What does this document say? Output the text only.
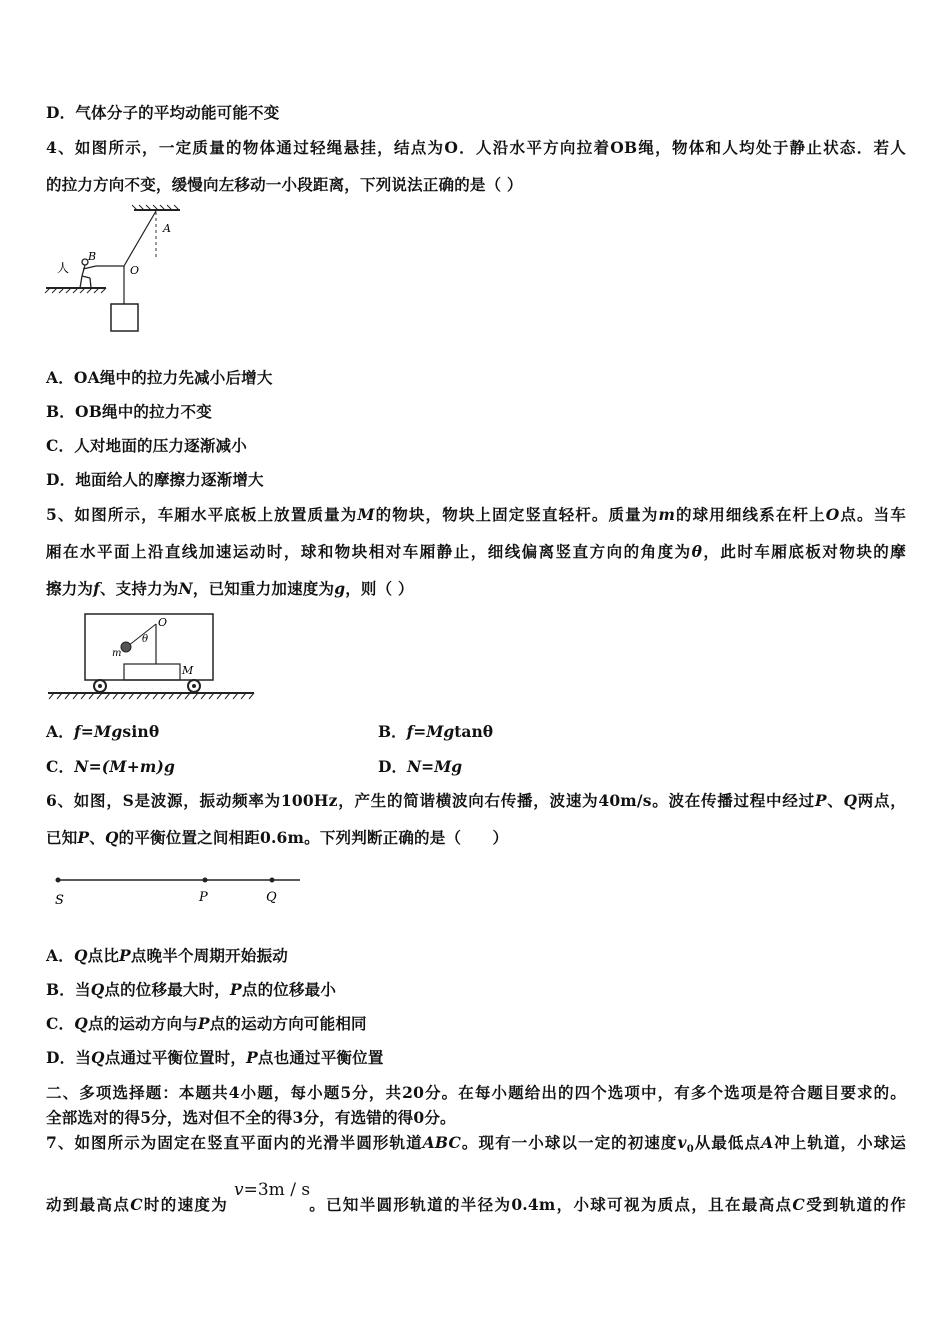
D．气体分子的平均动能可能不变
4、如图所示，一定质量的物体通过轻绳悬挂，结点为O．人沿水平方向拉着OB绳，物体和人均处于静止状态．若人
的拉力方向不变，缓慢向左移动一小段距离，下列说法正确的是（ ）
人
B
O
A
A．OA绳中的拉力先减小后增大
B．OB绳中的拉力不变
C．人对地面的压力逐渐减小
D．地面给人的摩擦力逐渐增大
5、如图所示，车厢水平底板上放置质量为M的物块，物块上固定竖直轻杆。质量为m的球用细线系在杆上O点。当车
厢在水平面上沿直线加速运动时，球和物块相对车厢静止，细线偏离竖直方向的角度为θ，此时车厢底板对物块的摩
擦力为f、支持力为N，已知重力加速度为g，则（ ）
O
θ
m
M
A．f=Mgsinθ	B．f=Mgtanθ
C．N=(M+m)g	D．N=Mg
6、如图，S是波源，振动频率为100Hz，产生的简谐横波向右传播，波速为40m/s。波在传播过程中经过P、Q两点，
已知P、Q的平衡位置之间相距0.6m。下列判断正确的是（　　）
S	P	Q
A．Q点比P点晚半个周期开始振动
B．当Q点的位移最大时，P点的位移最小
C．Q点的运动方向与P点的运动方向可能相同
D．当Q点通过平衡位置时，P点也通过平衡位置
二、多项选择题：本题共4小题，每小题5分，共20分。在每小题给出的四个选项中，有多个选项是符合题目要求的。
全部选对的得5分，选对但不全的得3分，有选错的得0分。
7、如图所示为固定在竖直平面内的光滑半圆形轨道ABC。现有一小球以一定的初速度$v_0$从最低点A冲上轨道，小球运
动到最高点C时的速度为	。已知半圆形轨道的半径为0.4m，小球可视为质点，且在最高点C受到轨道的作
v=3m / s
